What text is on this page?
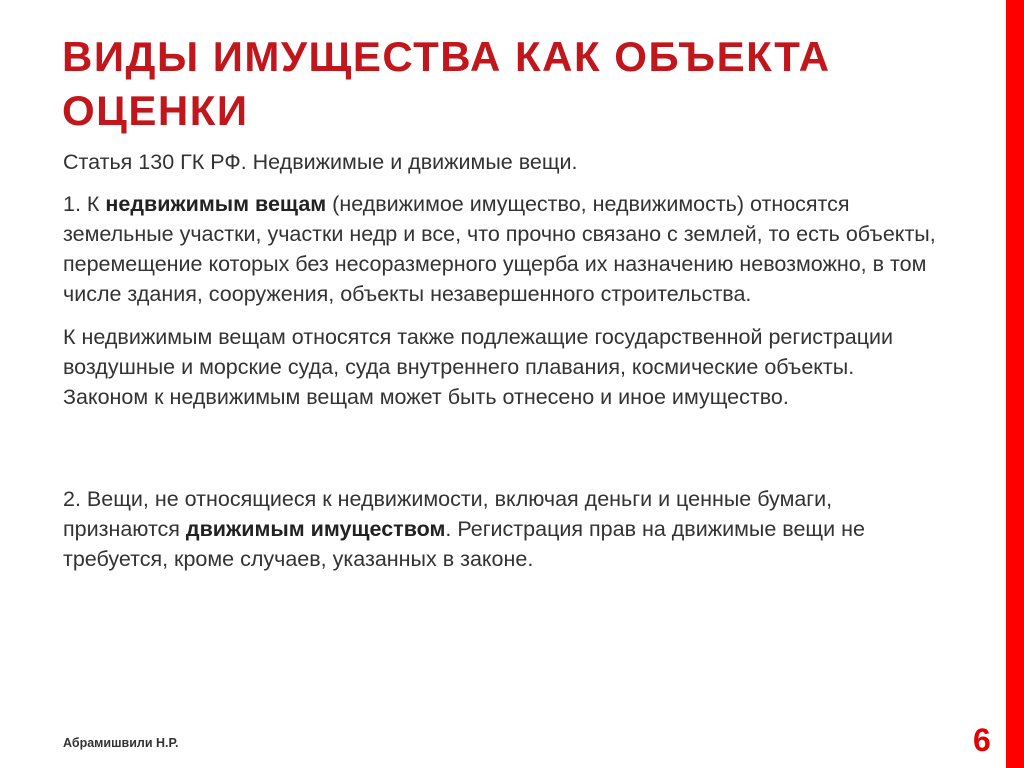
ВИДЫ ИМУЩЕСТВА КАК ОБЪЕКТА ОЦЕНКИ

Статья 130 ГК РФ. Недвижимые и движимые вещи.

1. К недвижимым вещам (недвижимое имущество, недвижимость) относятся земельные участки, участки недр и все, что прочно связано с землей, то есть объекты, перемещение которых без несоразмерного ущерба их назначению невозможно, в том числе здания, сооружения, объекты незавершенного строительства.

К недвижимым вещам относятся также подлежащие государственной регистрации воздушные и морские суда, суда внутреннего плавания, космические объекты. Законом к недвижимым вещам может быть отнесено и иное имущество.

2. Вещи, не относящиеся к недвижимости, включая деньги и ценные бумаги, признаются движимым имуществом. Регистрация прав на движимые вещи не требуется, кроме случаев, указанных в законе.

Абрамишвили Н.Р.	6
